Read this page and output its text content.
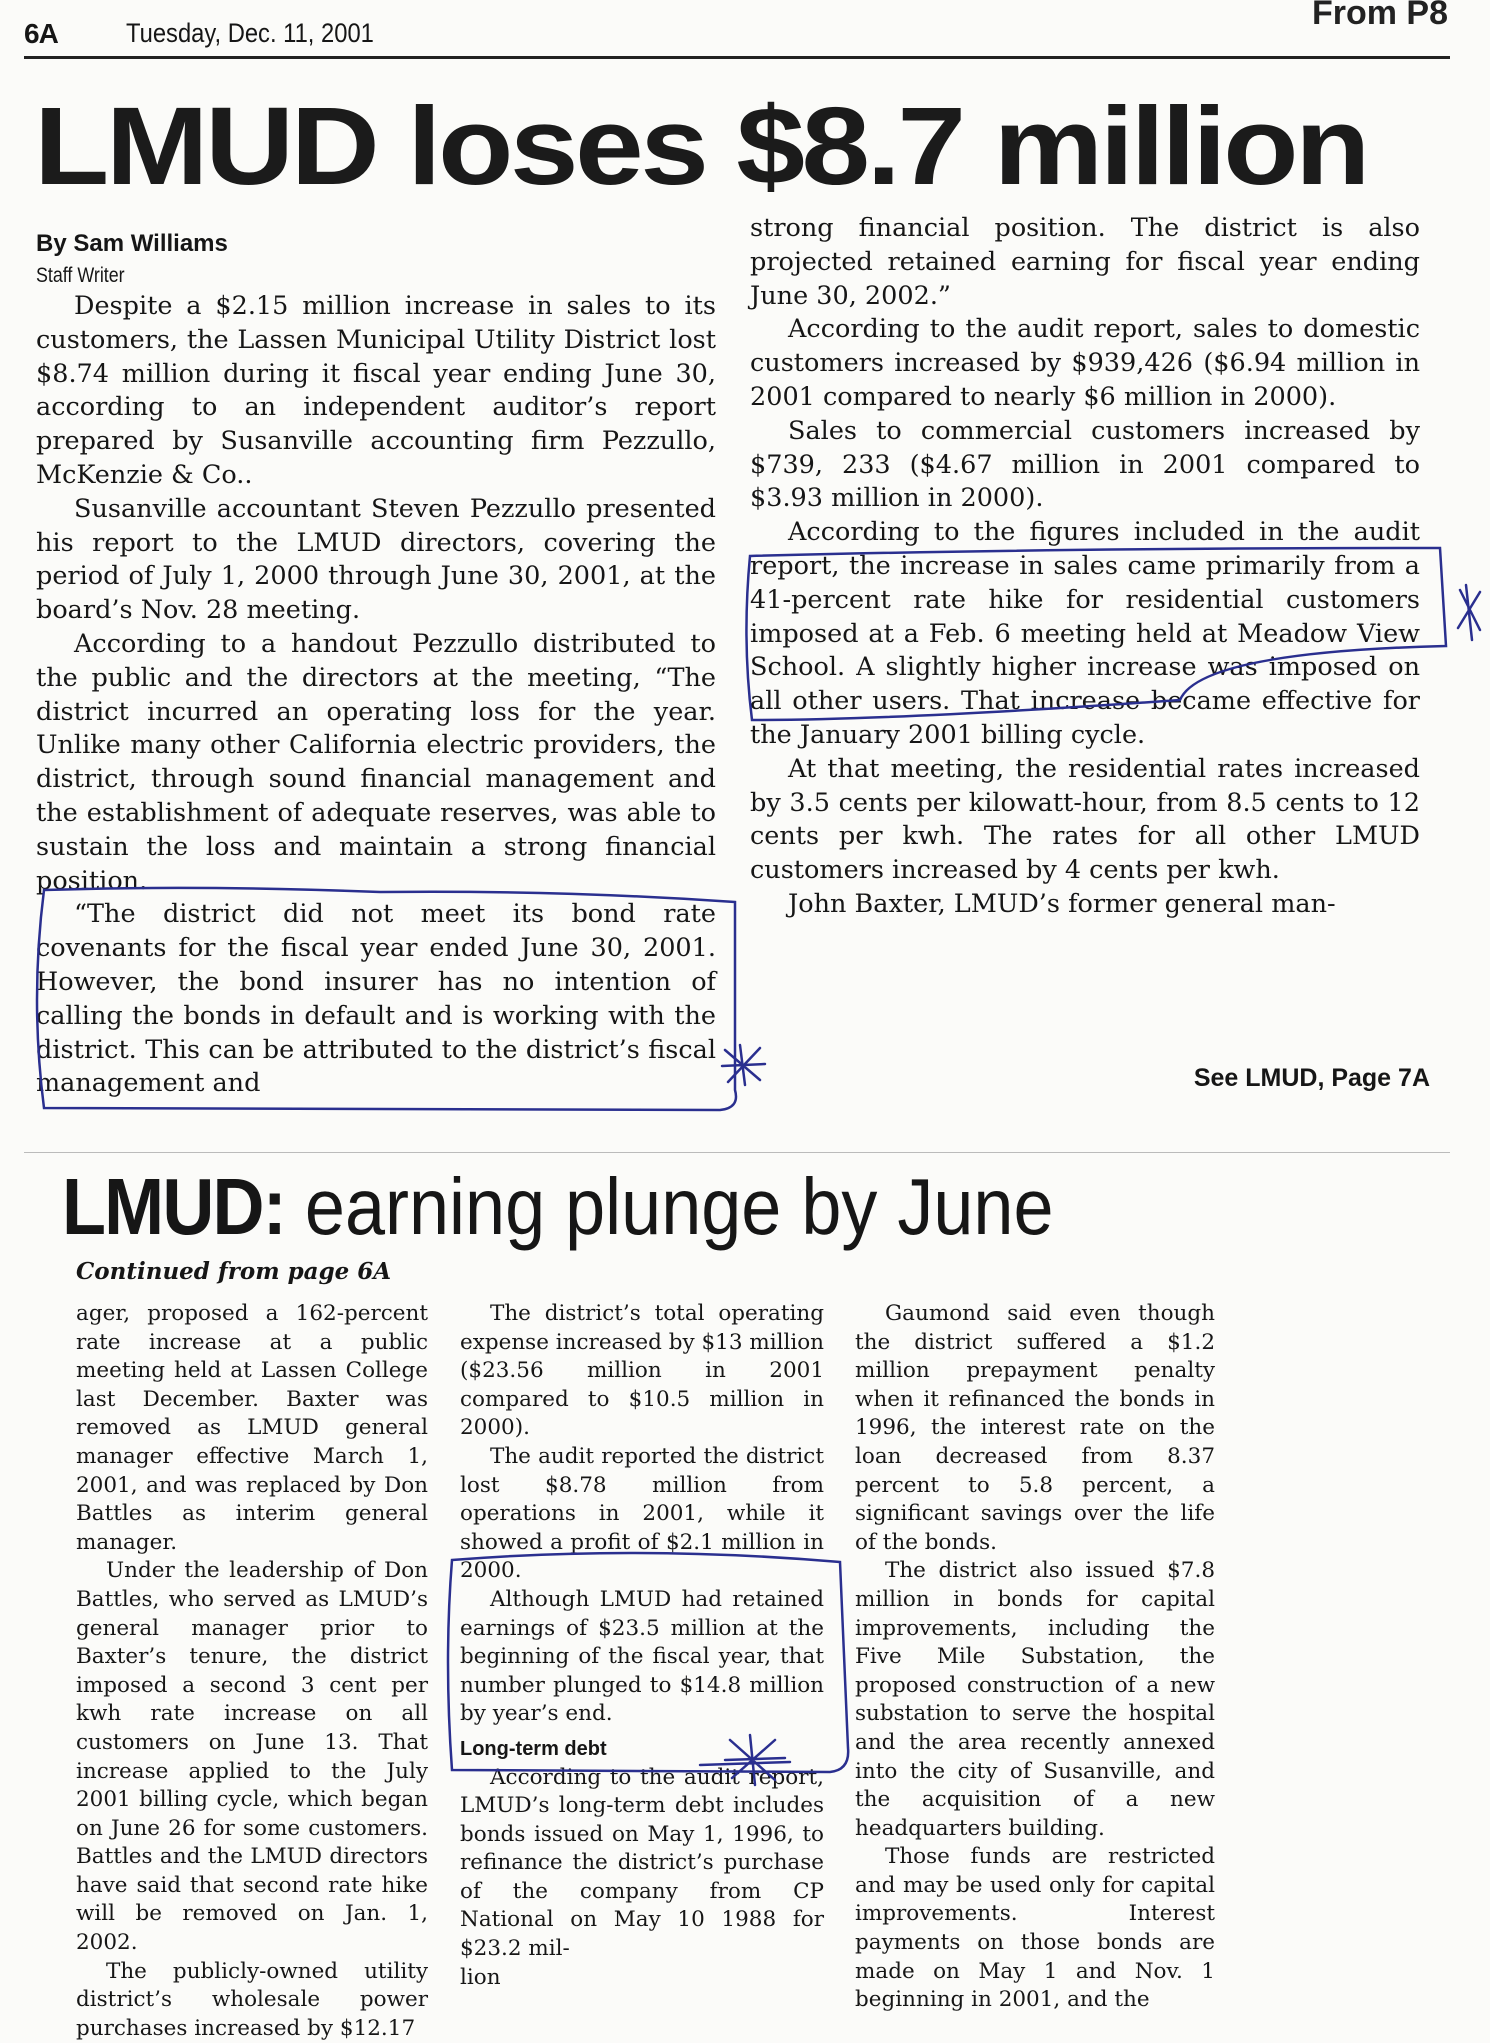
6A	Tuesday, Dec. 11, 2001
From P8
LMUD loses $8.7 million
By Sam Williams
Staff Writer

Despite a $2.15 million increase in sales to its customers, the Lassen Municipal Utility District lost $8.74 million during it fiscal year ending June 30, according to an independent auditor’s report prepared by Susanville accounting firm Pezzullo, McKenzie & Co..

Susanville accountant Steven Pezzullo presented his report to the LMUD directors, covering the period of July 1, 2000 through June 30, 2001, at the board’s Nov. 28 meeting.

According to a handout Pezzullo distributed to the public and the directors at the meeting, “The district incurred an operating loss for the year. Unlike many other California electric providers, the district, through sound financial management and the establishment of adequate reserves, was able to sustain the loss and maintain a strong financial position.

“The district did not meet its bond rate covenants for the fiscal year ended June 30, 2001. However, the bond insurer has no intention of calling the bonds in default and is working with the district. This can be attributed to the district’s fiscal management and

strong financial position. The district is also projected retained earning for fiscal year ending June 30, 2002.”

According to the audit report, sales to domestic customers increased by $939,426 ($6.94 million in 2001 compared to nearly $6 million in 2000).

Sales to commercial customers increased by $739, 233 ($4.67 million in 2001 compared to $3.93 million in 2000).

According to the figures included in the audit report, the increase in sales came primarily from a 41-percent rate hike for residential customers imposed at a Feb. 6 meeting held at Meadow View School. A slightly higher increase was imposed on all other users. That increase became effective for the January 2001 billing cycle.

At that meeting, the residential rates increased by 3.5 cents per kilowatt-hour, from 8.5 cents to 12 cents per kwh. The rates for all other LMUD customers increased by 4 cents per kwh.

John Baxter, LMUD’s former general man-

See LMUD, Page 7A
LMUD: earning plunge by June
Continued from page 6A

ager, proposed a 162-percent rate increase at a public meeting held at Lassen College last December. Baxter was removed as LMUD general manager effective March 1, 2001, and was replaced by Don Battles as interim general manager.

Under the leadership of Don Battles, who served as LMUD’s general manager prior to Baxter’s tenure, the district imposed a second 3 cent per kwh rate increase on all customers on June 13. That increase applied to the July 2001 billing cycle, which began on June 26 for some customers. Battles and the LMUD directors have said that second rate hike will be removed on Jan. 1, 2002.

The publicly-owned utility district’s wholesale power purchases increased by $12.17

The district’s total operating expense increased by $13 million ($23.56 million in 2001 compared to $10.5 million in 2000).

The audit reported the district lost $8.78 million from operations in 2001, while it showed a profit of $2.1 million in 2000.

Although LMUD had retained earnings of $23.5 million at the beginning of the fiscal year, that number plunged to $14.8 million by year’s end.

Long-term debt

According to the audit report, LMUD’s long-term debt includes bonds issued on May 1, 1996, to refinance the district’s purchase of the company from CP National on May 10 1988 for $23.2 mil-

lion

Gaumond said even though the district suffered a $1.2 million prepayment penalty when it refinanced the bonds in 1996, the interest rate on the loan decreased from 8.37 percent to 5.8 percent, a significant savings over the life of the bonds.

The district also issued $7.8 million in bonds for capital improvements, including the Five Mile Substation, the proposed construction of a new substation to serve the hospital and the area recently annexed into the city of Susanville, and the acquisition of a new headquarters building.

Those funds are restricted and may be used only for capital improvements. Interest payments on those bonds are made on May 1 and Nov. 1 beginning in 2001, and the
